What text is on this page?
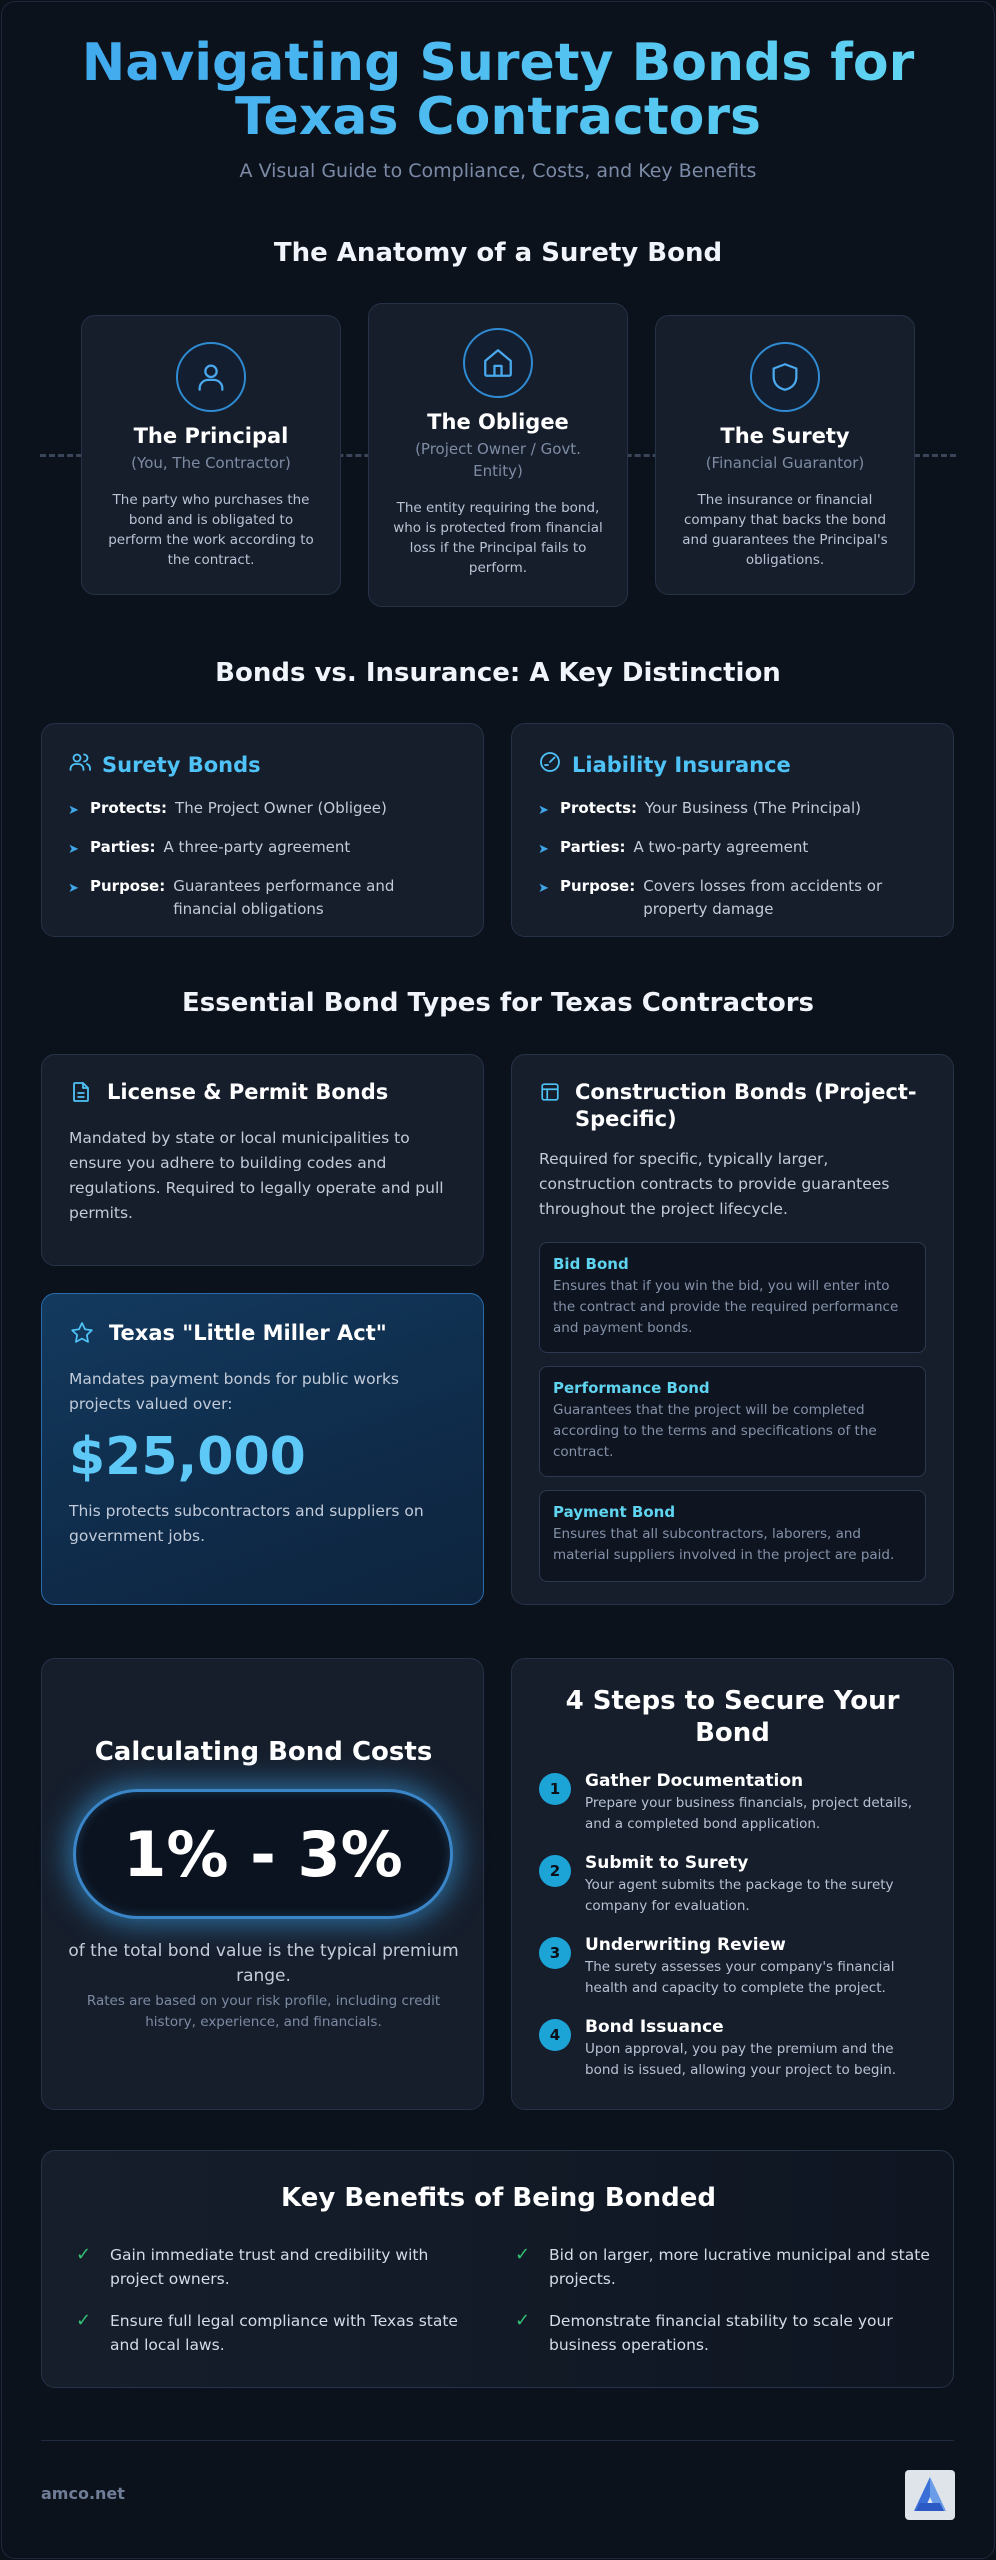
Navigating Surety Bonds for Texas Contractors
A Visual Guide to Compliance, Costs, and Key Benefits
The Anatomy of a Surety Bond
The Principal
(You, The Contractor)
The party who purchases the bond and is obligated to perform the work according to the contract.
The Obligee
(Project Owner / Govt. Entity)
The entity requiring the bond, who is protected from financial loss if the Principal fails to perform.
The Surety
(Financial Guarantor)
The insurance or financial company that backs the bond and guarantees the Principal's obligations.
Bonds vs. Insurance: A Key Distinction
Surety Bonds
➤ Protects: The Project Owner (Obligee)
➤ Parties: A three-party agreement
➤ Purpose: Guarantees performance and financial obligations
Liability Insurance
➤ Protects: Your Business (The Principal)
➤ Parties: A two-party agreement
➤ Purpose: Covers losses from accidents or property damage
Essential Bond Types for Texas Contractors
License & Permit Bonds
Mandated by state or local municipalities to ensure you adhere to building codes and regulations. Required to legally operate and pull permits.
Texas "Little Miller Act"
Mandates payment bonds for public works projects valued over:
$25,000
This protects subcontractors and suppliers on government jobs.
Construction Bonds (Project-Specific)
Required for specific, typically larger, construction contracts to provide guarantees throughout the project lifecycle.
Bid Bond
Ensures that if you win the bid, you will enter into the contract and provide the required performance and payment bonds.
Performance Bond
Guarantees that the project will be completed according to the terms and specifications of the contract.
Payment Bond
Ensures that all subcontractors, laborers, and material suppliers involved in the project are paid.
Calculating Bond Costs
1% - 3%
of the total bond value is the typical premium range.
Rates are based on your risk profile, including credit history, experience, and financials.
4 Steps to Secure Your Bond
1	Gather Documentation
Prepare your business financials, project details, and a completed bond application.
2	Submit to Surety
Your agent submits the package to the surety company for evaluation.
3	Underwriting Review
The surety assesses your company's financial health and capacity to complete the project.
4	Bond Issuance
Upon approval, you pay the premium and the bond is issued, allowing your project to begin.
Key Benefits of Being Bonded
✓ Gain immediate trust and credibility with project owners.
✓ Bid on larger, more lucrative municipal and state projects.
✓ Ensure full legal compliance with Texas state and local laws.
✓ Demonstrate financial stability to scale your business operations.
amco.net
